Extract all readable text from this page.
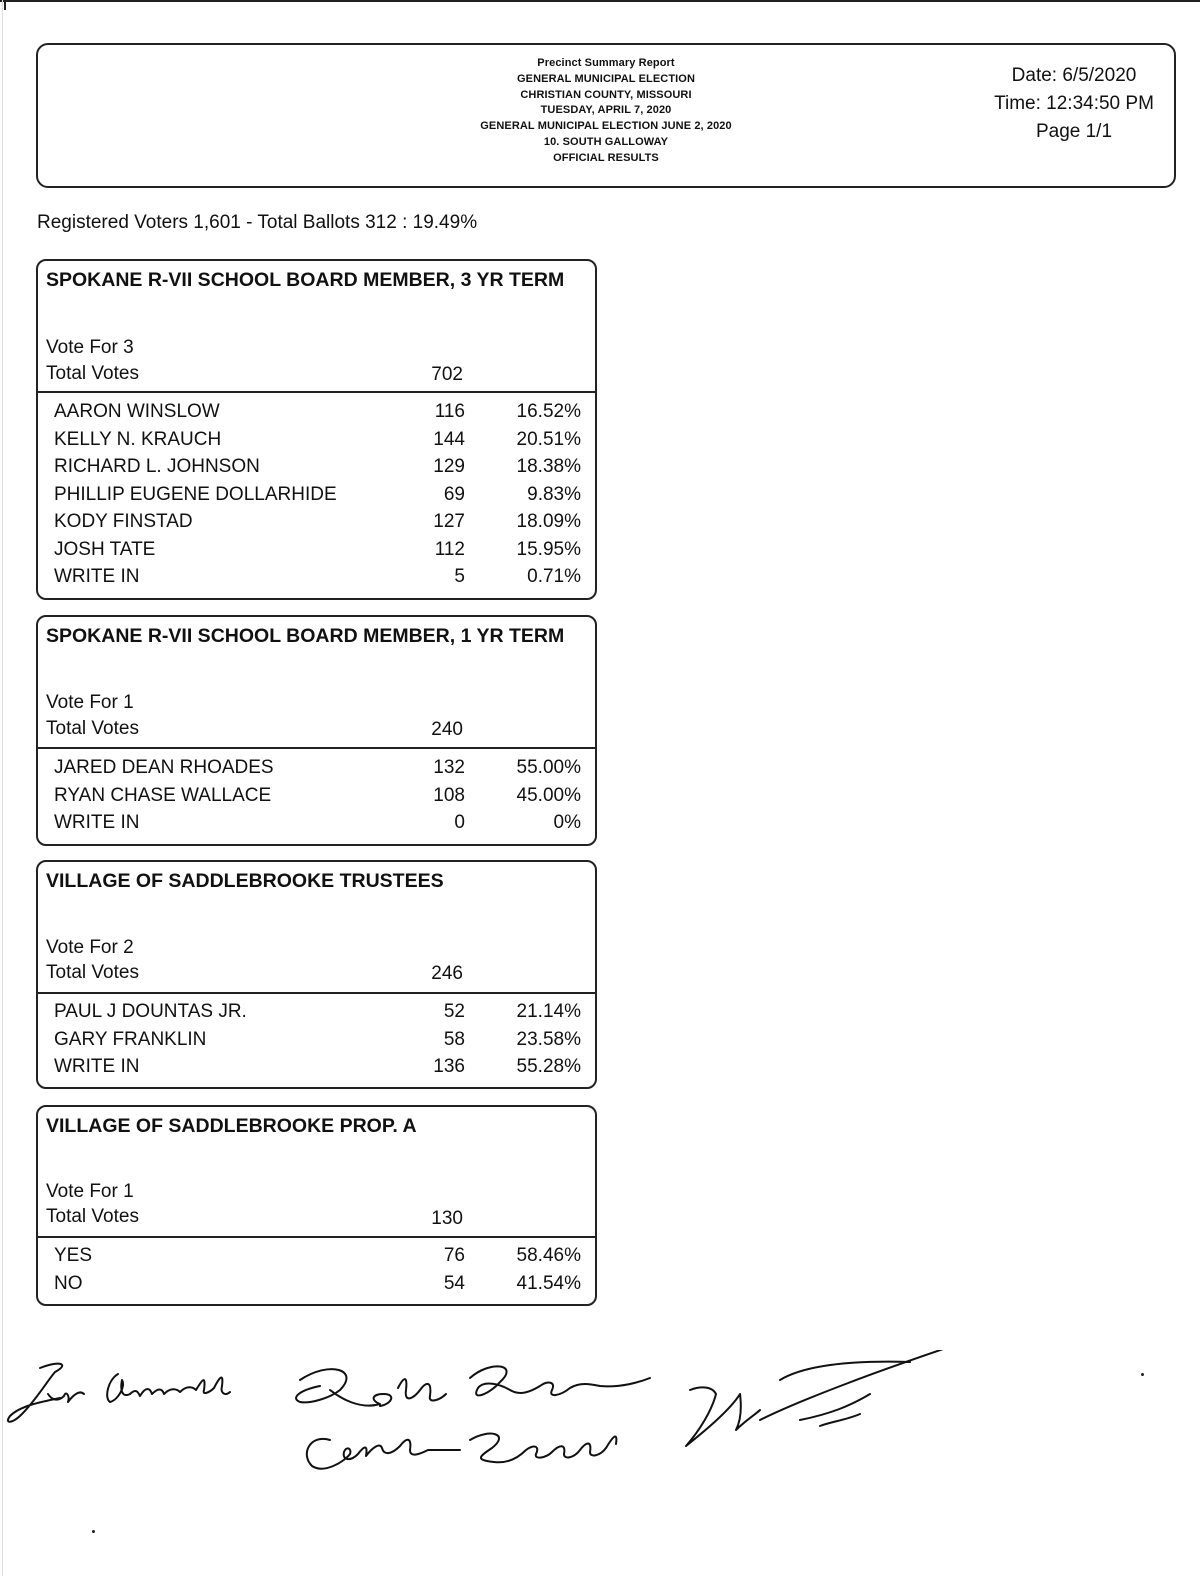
Precinct Summary Report
GENERAL MUNICIPAL ELECTION
CHRISTIAN COUNTY, MISSOURI
TUESDAY, APRIL 7, 2020
GENERAL MUNICIPAL ELECTION JUNE 2, 2020
10. SOUTH GALLOWAY
OFFICIAL RESULTS
Date: 6/5/2020
Time: 12:34:50 PM
Page 1/1
Registered Voters 1,601 - Total Ballots 312 : 19.49%
SPOKANE R-VII SCHOOL BOARD MEMBER, 3 YR TERM
Vote For 3
Total Votes	702
AARON WINSLOW	116	16.52%
KELLY N. KRAUCH	144	20.51%
RICHARD L. JOHNSON	129	18.38%
PHILLIP EUGENE DOLLARHIDE	69	9.83%
KODY FINSTAD	127	18.09%
JOSH TATE	112	15.95%
WRITE IN	5	0.71%
SPOKANE R-VII SCHOOL BOARD MEMBER, 1 YR TERM
Vote For 1
Total Votes	240
JARED DEAN RHOADES	132	55.00%
RYAN CHASE WALLACE	108	45.00%
WRITE IN	0	0%
VILLAGE OF SADDLEBROOKE TRUSTEES
Vote For 2
Total Votes	246
PAUL J DOUNTAS JR.	52	21.14%
GARY FRANKLIN	58	23.58%
WRITE IN	136	55.28%
VILLAGE OF SADDLEBROOKE PROP. A
Vote For 1
Total Votes	130
YES	76	58.46%
NO	54	41.54%
